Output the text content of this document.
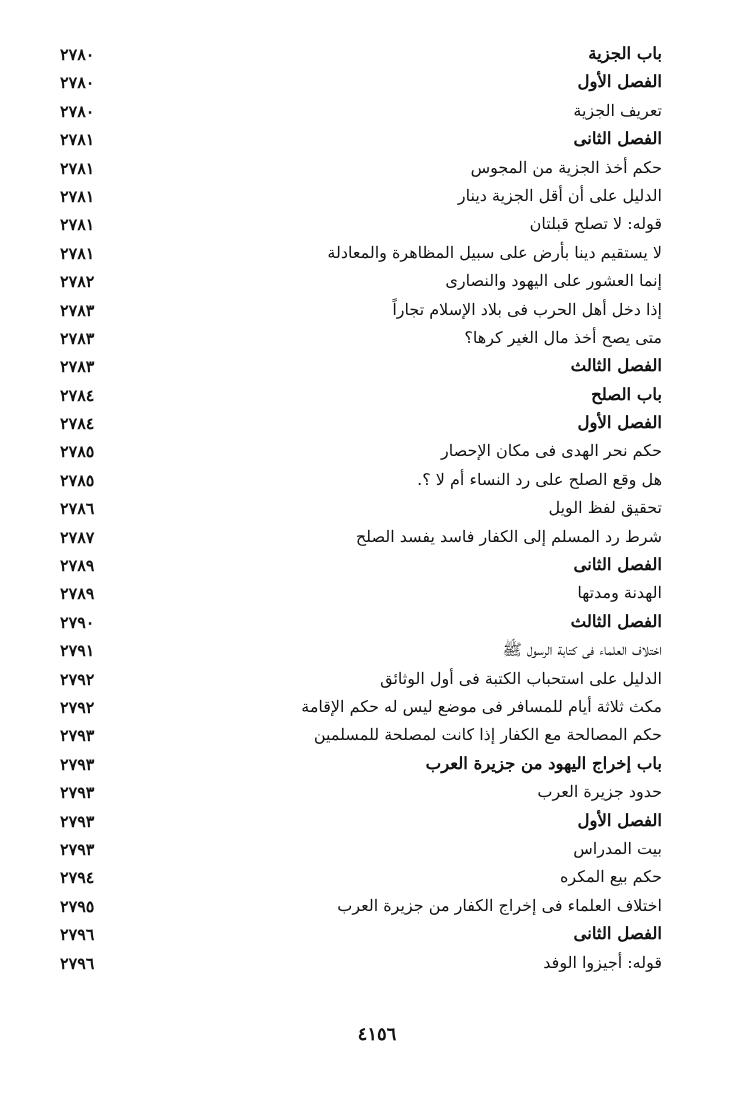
باب الجزية
٢٧٨٠
الفصل الأول
٢٧٨٠
تعريف الجزية
٢٧٨٠
الفصل الثانى
٢٧٨١
حكم أخذ الجزية من المجوس
٢٧٨١
الدليل على أن أقل الجزية دينار
٢٧٨١
قوله: لا تصلح قبلتان
٢٧٨١
لا يستقيم دينا بأرض على سبيل المظاهرة والمعادلة
٢٧٨١
إنما العشور على اليهود والنصارى
٢٧٨٢
إذا دخل أهل الحرب فى بلاد الإسلام تجاراً
٢٧٨٣
متى يصح أخذ مال الغير كرها؟
٢٧٨٣
الفصل الثالث
٢٧٨٣
باب الصلح
٢٧٨٤
الفصل الأول
٢٧٨٤
حكم نحر الهدى فى مكان الإحصار
٢٧٨٥
هل وقع الصلح على رد النساء أم لا ؟.
٢٧٨٥
تحقيق لفظ الويل
٢٧٨٦
شرط رد المسلم إلى الكفار فاسد يفسد الصلح
٢٧٨٧
الفصل الثانى
٢٧٨٩
الهدنة ومدتها
٢٧٨٩
الفصل الثالث
٢٧٩٠
اختلاف العلماء فى كتابة الرسول ﷺ
٢٧٩١
الدليل على استحباب الكتبة فى أول الوثائق
٢٧٩٢
مكث ثلاثة أيام للمسافر فى موضع ليس له حكم الإقامة
٢٧٩٢
حكم المصالحة مع الكفار إذا كانت لمصلحة للمسلمين
٢٧٩٣
باب إخراج اليهود من جزيرة العرب
٢٧٩٣
حدود جزيرة العرب
٢٧٩٣
الفصل الأول
٢٧٩٣
بيت المدراس
٢٧٩٣
حكم بيع المكره
٢٧٩٤
اختلاف العلماء فى إخراج الكفار من جزيرة العرب
٢٧٩٥
الفصل الثانى
٢٧٩٦
قوله: أجيزوا الوفد
٢٧٩٦
٤١٥٦
